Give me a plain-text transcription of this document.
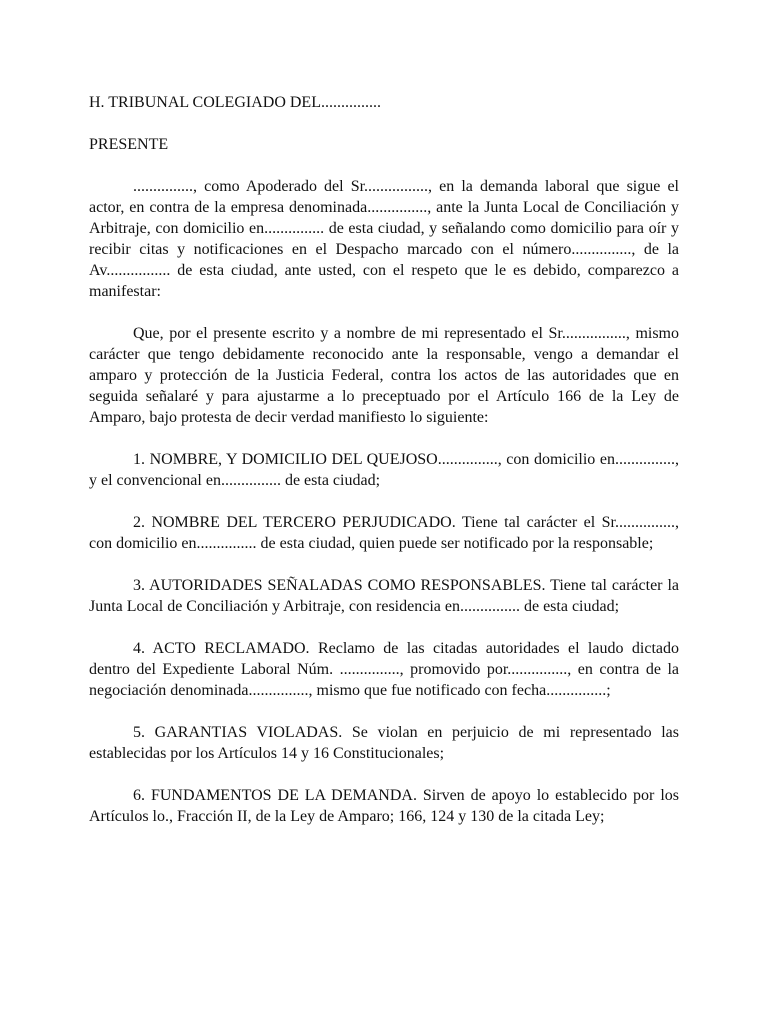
H. TRIBUNAL COLEGIADO DEL...............

PRESENTE

..............., como Apoderado del Sr................, en la demanda laboral que sigue el actor, en contra de la empresa denominada..............., ante la Junta Local de Conciliación y Arbitraje, con domicilio en............... de esta ciudad, y señalando como domicilio para oír y recibir citas y notificaciones en el Despacho marcado con el número..............., de la Av................ de esta ciudad, ante usted, con el respeto que le es debido, comparezco a manifestar:

Que, por el presente escrito y a nombre de mi representado el Sr................, mismo carácter que tengo debidamente reconocido ante la responsable, vengo a demandar el amparo y protección de la Justicia Federal, contra los actos de las autoridades que en seguida señalaré y para ajustarme a lo preceptuado por el Artículo 166 de la Ley de Amparo, bajo protesta de decir verdad manifiesto lo siguiente:

1. NOMBRE, Y DOMICILIO DEL QUEJOSO..............., con domicilio en..............., y el convencional en............... de esta ciudad;

2. NOMBRE DEL TERCERO PERJUDICADO. Tiene tal carácter el Sr..............., con domicilio en............... de esta ciudad, quien puede ser notificado por la responsable;

3. AUTORIDADES SEÑALADAS COMO RESPONSABLES. Tiene tal carácter la Junta Local de Conciliación y Arbitraje, con residencia en............... de esta ciudad;

4. ACTO RECLAMADO. Reclamo de las citadas autoridades el laudo dictado dentro del Expediente Laboral Núm. ..............., promovido por..............., en contra de la negociación denominada..............., mismo que fue notificado con fecha...............;

5. GARANTIAS VIOLADAS. Se violan en perjuicio de mi representado las establecidas por los Artículos 14 y 16 Constitucionales;

6. FUNDAMENTOS DE LA DEMANDA. Sirven de apoyo lo establecido por los Artículos lo., Fracción II, de la Ley de Amparo; 166, 124 y 130 de la citada Ley;
